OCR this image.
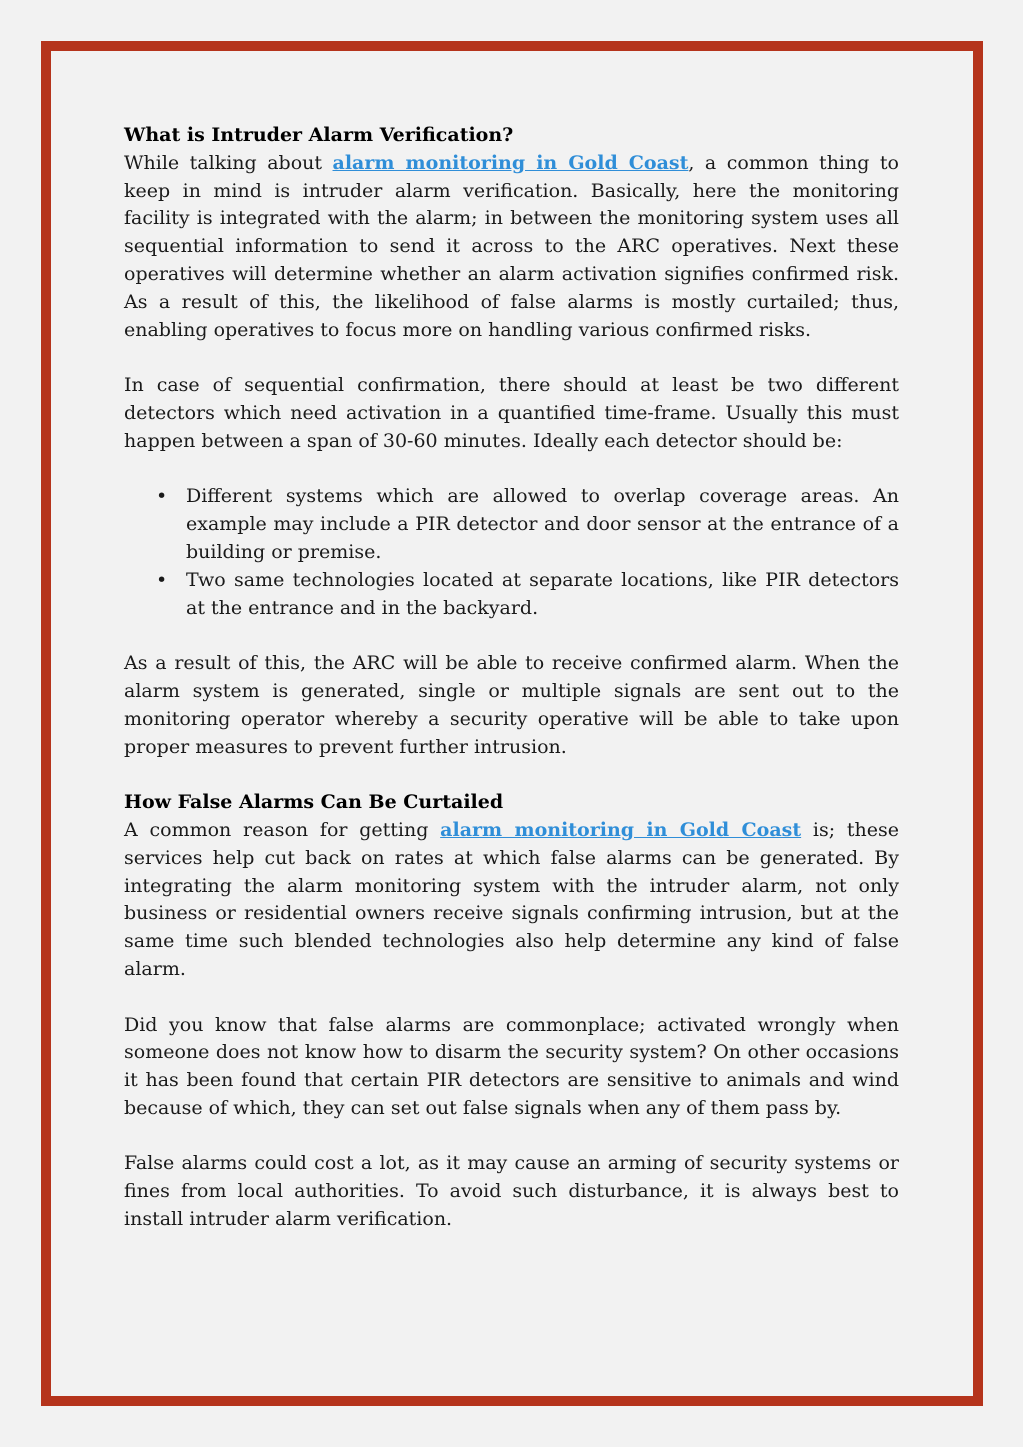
What is Intruder Alarm Verification?

While talking about alarm monitoring in Gold Coast, a common thing to keep in mind is intruder alarm verification. Basically, here the monitoring facility is integrated with the alarm; in between the monitoring system uses all sequential information to send it across to the ARC operatives. Next these operatives will determine whether an alarm activation signifies confirmed risk. As a result of this, the likelihood of false alarms is mostly curtailed; thus, enabling operatives to focus more on handling various confirmed risks.

In case of sequential confirmation, there should at least be two different detectors which need activation in a quantified time-frame. Usually this must happen between a span of 30-60 minutes. Ideally each detector should be:

• Different systems which are allowed to overlap coverage areas. An example may include a PIR detector and door sensor at the entrance of a building or premise.
• Two same technologies located at separate locations, like PIR detectors at the entrance and in the backyard.

As a result of this, the ARC will be able to receive confirmed alarm. When the alarm system is generated, single or multiple signals are sent out to the monitoring operator whereby a security operative will be able to take upon proper measures to prevent further intrusion.

How False Alarms Can Be Curtailed

A common reason for getting alarm monitoring in Gold Coast is; these services help cut back on rates at which false alarms can be generated. By integrating the alarm monitoring system with the intruder alarm, not only business or residential owners receive signals confirming intrusion, but at the same time such blended technologies also help determine any kind of false alarm.

Did you know that false alarms are commonplace; activated wrongly when someone does not know how to disarm the security system? On other occasions it has been found that certain PIR detectors are sensitive to animals and wind because of which, they can set out false signals when any of them pass by.

False alarms could cost a lot, as it may cause an arming of security systems or fines from local authorities. To avoid such disturbance, it is always best to install intruder alarm verification.
